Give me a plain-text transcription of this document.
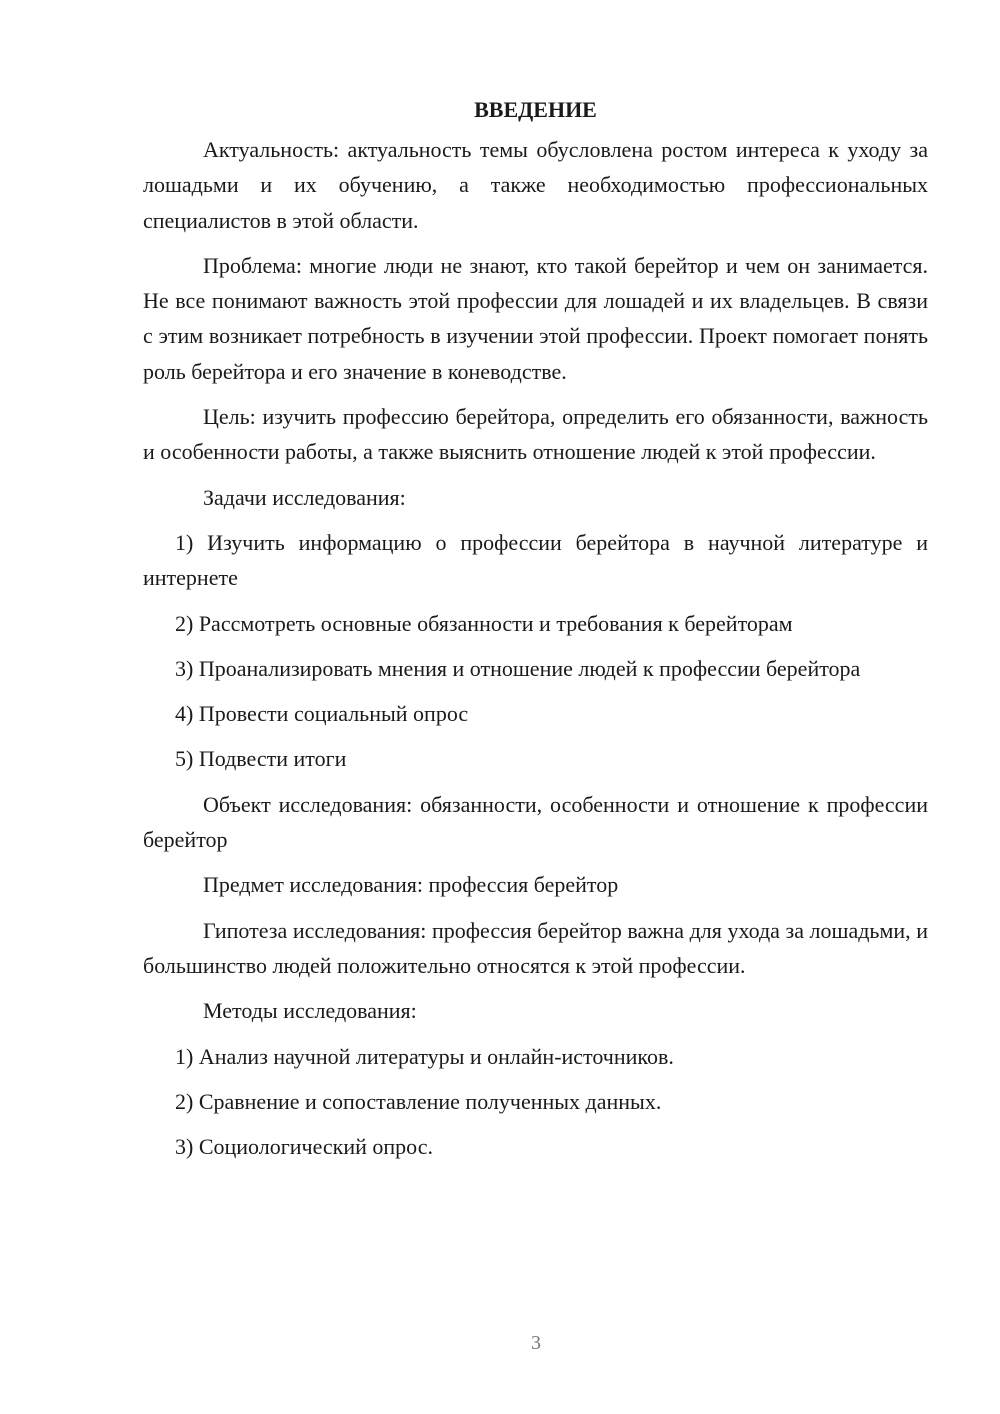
ВВЕДЕНИЕ

Актуальность: актуальность темы обусловлена ростом интереса к уходу за лошадьми и их обучению, а также необходимостью профессиональных специалистов в этой области.

Проблема: многие люди не знают, кто такой берейтор и чем он занимается. Не все понимают важность этой профессии для лошадей и их владельцев. В связи с этим возникает потребность в изучении этой профессии. Проект помогает понять роль берейтора и его значение в коневодстве.

Цель: изучить профессию берейтора, определить его обязанности, важность и особенности работы, а также выяснить отношение людей к этой профессии.

Задачи исследования:

1) Изучить информацию о профессии берейтора в научной литературе и интернете

2) Рассмотреть основные обязанности и требования к берейторам

3) Проанализировать мнения и отношение людей к профессии берейтора

4) Провести социальный опрос

5) Подвести итоги

Объект исследования: обязанности, особенности и отношение к профессии берейтор

Предмет исследования: профессия берейтор

Гипотеза исследования: профессия берейтор важна для ухода за лошадьми, и большинство людей положительно относятся к этой профессии.

Методы исследования:

1) Анализ научной литературы и онлайн-источников.

2) Сравнение и сопоставление полученных данных.

3) Социологический опрос.

3
